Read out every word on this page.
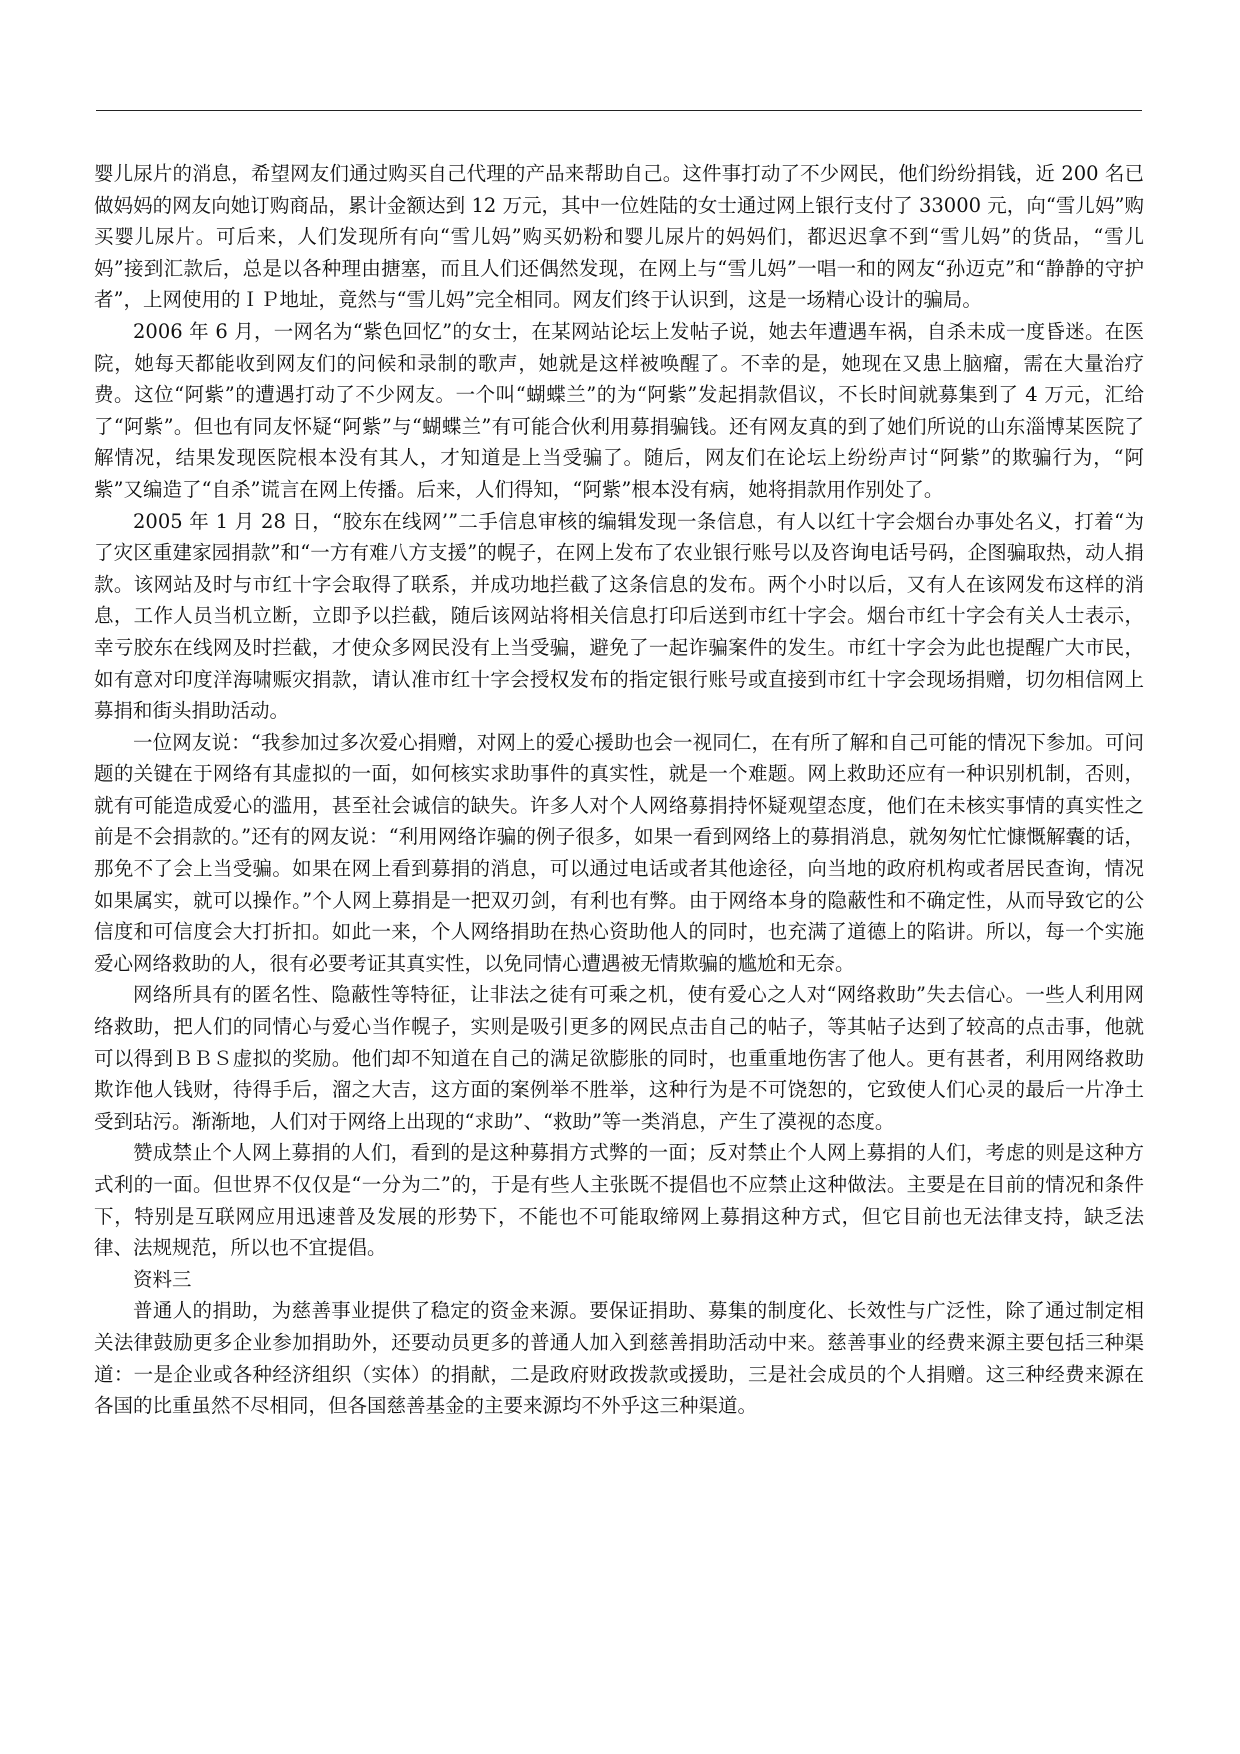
婴儿尿片的消息，希望网友们通过购买自己代理的产品来帮助自己。这件事打动了不少网民，他们纷纷捐钱，近 200 名已做妈妈的网友向她订购商品，累计金额达到 12 万元，其中一位姓陆的女士通过网上银行支付了 33000 元，向“雪儿妈”购买婴儿尿片。可后来，人们发现所有向“雪儿妈”购买奶粉和婴儿尿片的妈妈们，都迟迟拿不到“雪儿妈”的货品，“雪儿妈”接到汇款后，总是以各种理由搪塞，而且人们还偶然发现，在网上与“雪儿妈”一唱一和的网友“孙迈克”和“静静的守护者”，上网使用的ＩＰ地址，竟然与“雪儿妈”完全相同。网友们终于认识到，这是一场精心设计的骗局。

2006 年 6 月，一网名为“紫色回忆”的女士，在某网站论坛上发帖子说，她去年遭遇车祸，自杀未成一度昏迷。在医院，她每天都能收到网友们的问候和录制的歌声，她就是这样被唤醒了。不幸的是，她现在又患上脑瘤，需在大量治疗费。这位“阿紫”的遭遇打动了不少网友。一个叫“蝴蝶兰”的为“阿紫”发起捐款倡议，不长时间就募集到了 4 万元，汇给了“阿紫”。但也有同友怀疑“阿紫”与“蝴蝶兰”有可能合伙利用募捐骗钱。还有网友真的到了她们所说的山东淄博某医院了解情况，结果发现医院根本没有其人，才知道是上当受骗了。随后，网友们在论坛上纷纷声讨“阿紫”的欺骗行为，“阿紫”又编造了“自杀”谎言在网上传播。后来，人们得知，“阿紫”根本没有病，她将捐款用作别处了。

2005 年 1 月 28 日，“胶东在线网’”二手信息审核的编辑发现一条信息，有人以红十字会烟台办事处名义，打着“为了灾区重建家园捐款”和“一方有难八方支援”的幌子，在网上发布了农业银行账号以及咨询电话号码，企图骗取热，动人捐款。该网站及时与市红十字会取得了联系，并成功地拦截了这条信息的发布。两个小时以后，又有人在该网发布这样的消息，工作人员当机立断，立即予以拦截，随后该网站将相关信息打印后送到市红十字会。烟台市红十字会有关人士表示，幸亏胶东在线网及时拦截，才使众多网民没有上当受骗，避免了一起诈骗案件的发生。市红十字会为此也提醒广大市民，如有意对印度洋海啸赈灾捐款，请认准市红十字会授权发布的指定银行账号或直接到市红十字会现场捐赠，切勿相信网上募捐和街头捐助活动。

一位网友说：“我参加过多次爱心捐赠，对网上的爱心援助也会一视同仁，在有所了解和自己可能的情况下参加。可问题的关键在于网络有其虚拟的一面，如何核实求助事件的真实性，就是一个难题。网上救助还应有一种识别机制，否则，就有可能造成爱心的滥用，甚至社会诚信的缺失。许多人对个人网络募捐持怀疑观望态度，他们在未核实事情的真实性之前是不会捐款的。”还有的网友说：“利用网络诈骗的例子很多，如果一看到网络上的募捐消息，就匆匆忙忙慷慨解囊的话，那免不了会上当受骗。如果在网上看到募捐的消息，可以通过电话或者其他途径，向当地的政府机构或者居民查询，情况如果属实，就可以操作。”个人网上募捐是一把双刃剑，有利也有弊。由于网络本身的隐蔽性和不确定性，从而导致它的公信度和可信度会大打折扣。如此一来，个人网络捐助在热心资助他人的同时，也充满了道德上的陷讲。所以，每一个实施爱心网络救助的人，很有必要考证其真实性，以免同情心遭遇被无情欺骗的尴尬和无奈。

网络所具有的匿名性、隐蔽性等特征，让非法之徒有可乘之机，使有爱心之人对“网络救助”失去信心。一些人利用网络救助，把人们的同情心与爱心当作幌子，实则是吸引更多的网民点击自己的帖子，等其帖子达到了较高的点击事，他就可以得到ＢＢＳ虚拟的奖励。他们却不知道在自己的满足欲膨胀的同时，也重重地伤害了他人。更有甚者，利用网络救助欺诈他人钱财，待得手后，溜之大吉，这方面的案例举不胜举，这种行为是不可饶恕的，它致使人们心灵的最后一片净土受到玷污。渐渐地，人们对于网络上出现的“求助”、“救助”等一类消息，产生了漠视的态度。

赞成禁止个人网上募捐的人们，看到的是这种募捐方式弊的一面；反对禁止个人网上募捐的人们，考虑的则是这种方式利的一面。但世界不仅仅是“一分为二”的，于是有些人主张既不提倡也不应禁止这种做法。主要是在目前的情况和条件下，特别是互联网应用迅速普及发展的形势下，不能也不可能取缔网上募捐这种方式，但它目前也无法律支持，缺乏法律、法规规范，所以也不宜提倡。

资料三

普通人的捐助，为慈善事业提供了稳定的资金来源。要保证捐助、募集的制度化、长效性与广泛性，除了通过制定相关法律鼓励更多企业参加捐助外，还要动员更多的普通人加入到慈善捐助活动中来。慈善事业的经费来源主要包括三种渠道：一是企业或各种经济组织（实体）的捐献，二是政府财政拨款或援助，三是社会成员的个人捐赠。这三种经费来源在各国的比重虽然不尽相同，但各国慈善基金的主要来源均不外乎这三种渠道。
